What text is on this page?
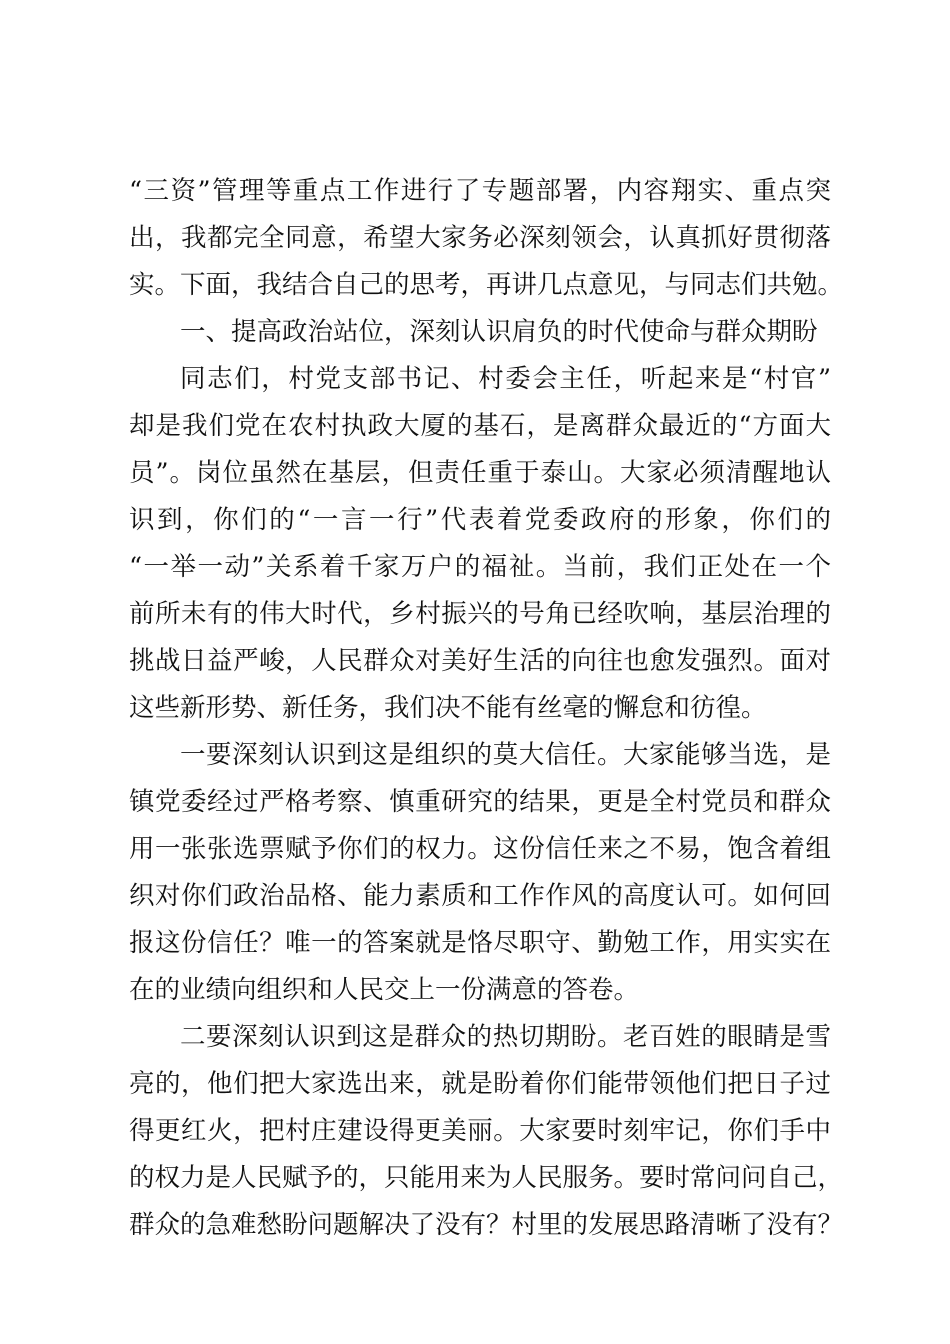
“三资”管理等重点工作进行了专题部署，内容翔实、重点突
出，我都完全同意，希望大家务必深刻领会，认真抓好贯彻落
实。下面，我结合自己的思考，再讲几点意见，与同志们共勉。
一、提高政治站位，深刻认识肩负的时代使命与群众期盼
同志们，村党支部书记、村委会主任，听起来是“村官”
却是我们党在农村执政大厦的基石，是离群众最近的“方面大
员”。岗位虽然在基层，但责任重于泰山。大家必须清醒地认
识到，你们的“一言一行”代表着党委政府的形象，你们的
“一举一动”关系着千家万户的福祉。当前，我们正处在一个
前所未有的伟大时代，乡村振兴的号角已经吹响，基层治理的
挑战日益严峻，人民群众对美好生活的向往也愈发强烈。面对
这些新形势、新任务，我们决不能有丝毫的懈怠和彷徨。
一要深刻认识到这是组织的莫大信任。大家能够当选，是
镇党委经过严格考察、慎重研究的结果，更是全村党员和群众
用一张张选票赋予你们的权力。这份信任来之不易，饱含着组
织对你们政治品格、能力素质和工作作风的高度认可。如何回
报这份信任？唯一的答案就是恪尽职守、勤勉工作，用实实在
在的业绩向组织和人民交上一份满意的答卷。
二要深刻认识到这是群众的热切期盼。老百姓的眼睛是雪
亮的，他们把大家选出来，就是盼着你们能带领他们把日子过
得更红火，把村庄建设得更美丽。大家要时刻牢记，你们手中
的权力是人民赋予的，只能用来为人民服务。要时常问问自己，
群众的急难愁盼问题解决了没有？村里的发展思路清晰了没有？
